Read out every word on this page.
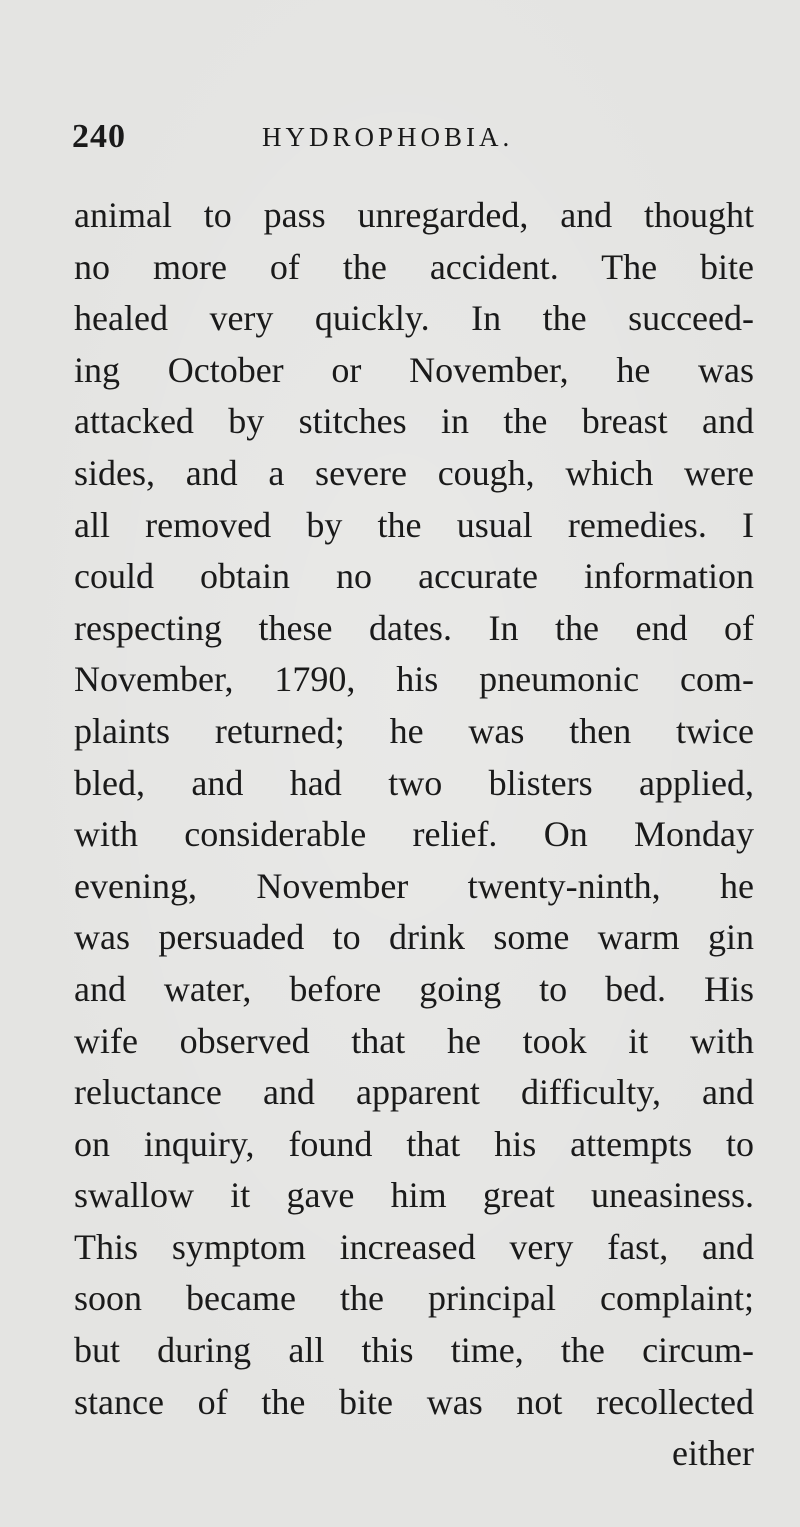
240	HYDROPHOBIA.
animal to pass unregarded, and thought
no more of the accident. The bite
healed very quickly. In the succeed-
ing October or November, he was
attacked by stitches in the breast and
sides, and a severe cough, which were
all removed by the usual remedies. I
could obtain no accurate information
respecting these dates. In the end of
November, 1790, his pneumonic com-
plaints returned; he was then twice
bled, and had two blisters applied,
with considerable relief. On Monday
evening, November twenty-ninth, he
was persuaded to drink some warm gin
and water, before going to bed. His
wife observed that he took it with
reluctance and apparent difficulty, and
on inquiry, found that his attempts to
swallow it gave him great uneasiness.
This symptom increased very fast, and
soon became the principal complaint;
but during all this time, the circum-
stance of the bite was not recollected
either
